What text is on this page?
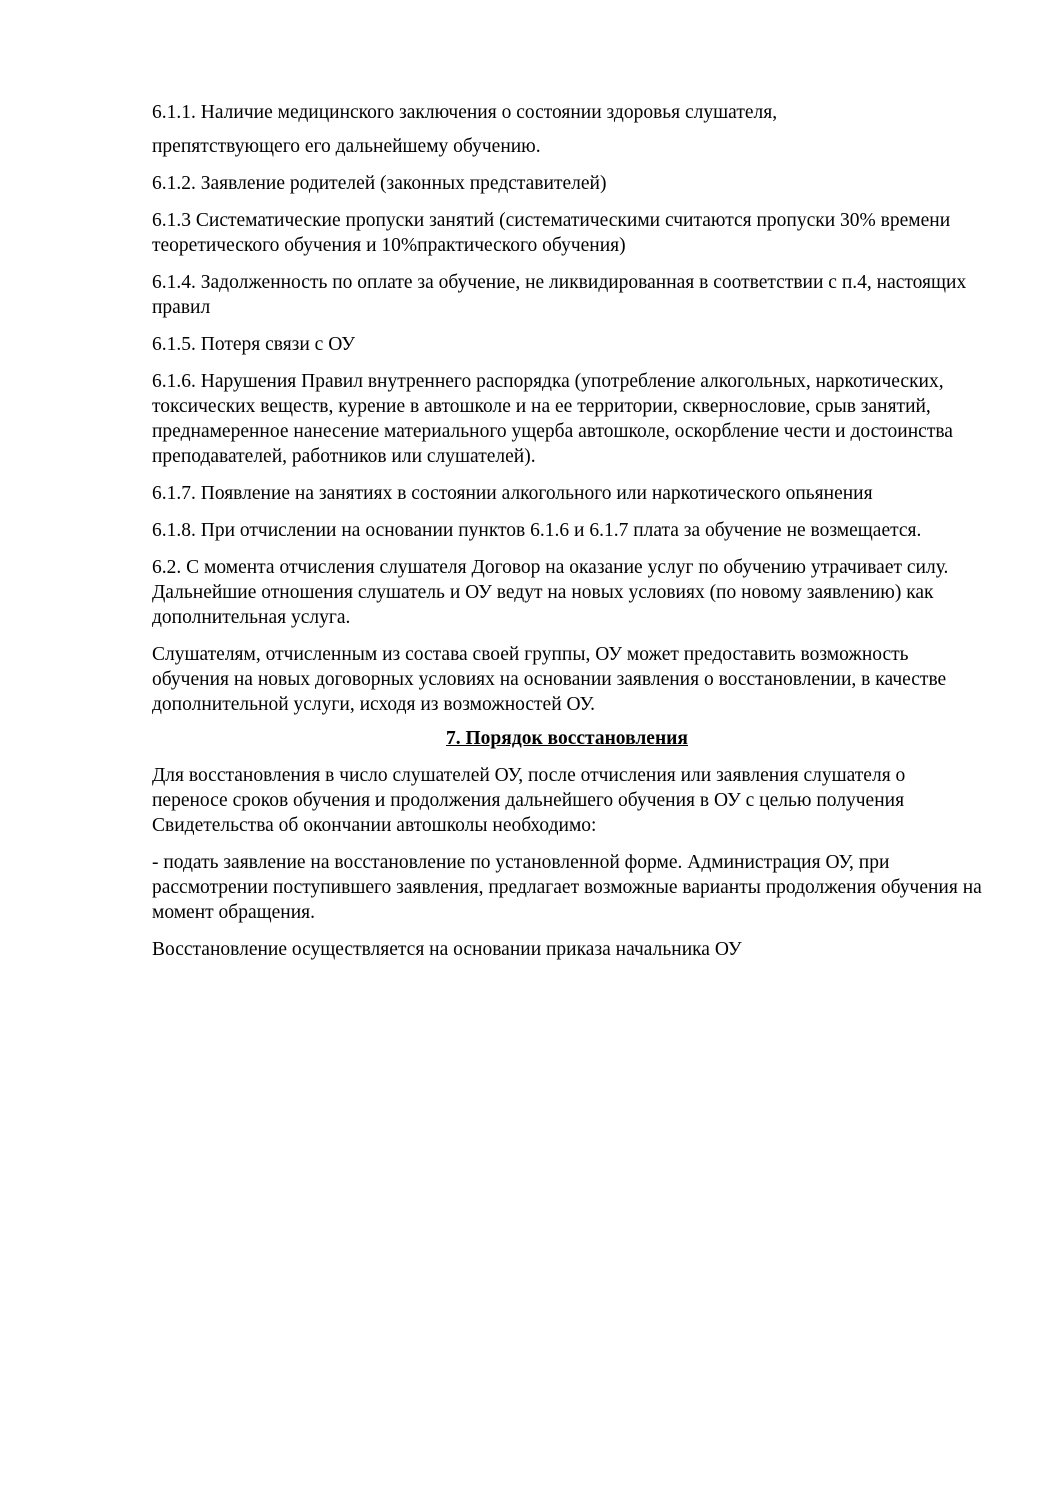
6.1.1. Наличие медицинского заключения о состоянии здоровья слушателя,

препятствующего его дальнейшему обучению.

6.1.2. Заявление родителей (законных представителей)

6.1.3 Систематические пропуски занятий (систематическими считаются пропуски 30% времени теоретического обучения и 10%практического обучения)

6.1.4. Задолженность по оплате за обучение, не ликвидированная в соответствии с п.4, настоящих правил

6.1.5. Потеря связи с ОУ

6.1.6. Нарушения Правил внутреннего распорядка (употребление алкогольных, наркотических, токсических веществ, курение в автошколе и на ее территории, сквернословие, срыв занятий, преднамеренное нанесение материального ущерба автошколе, оскорбление чести и достоинства преподавателей, работников или слушателей).

6.1.7. Появление на занятиях в состоянии алкогольного или наркотического опьянения

6.1.8. При отчислении на основании пунктов 6.1.6 и 6.1.7 плата за обучение не возмещается.

6.2. С момента отчисления слушателя Договор на оказание услуг по обучению утрачивает силу. Дальнейшие отношения слушатель и ОУ ведут на новых условиях (по новому заявлению) как дополнительная услуга.

Слушателям, отчисленным из состава своей группы, ОУ может предоставить возможность обучения на новых договорных условиях на основании заявления о восстановлении, в качестве дополнительной услуги, исходя из возможностей ОУ.

7. Порядок восстановления

Для восстановления в число слушателей ОУ, после отчисления или заявления слушателя о переносе сроков обучения и продолжения дальнейшего обучения в ОУ с целью получения Свидетельства об окончании автошколы необходимо:

- подать заявление на восстановление по установленной форме. Администрация ОУ, при рассмотрении поступившего заявления, предлагает возможные варианты продолжения обучения на момент обращения.

Восстановление осуществляется на основании приказа начальника ОУ
